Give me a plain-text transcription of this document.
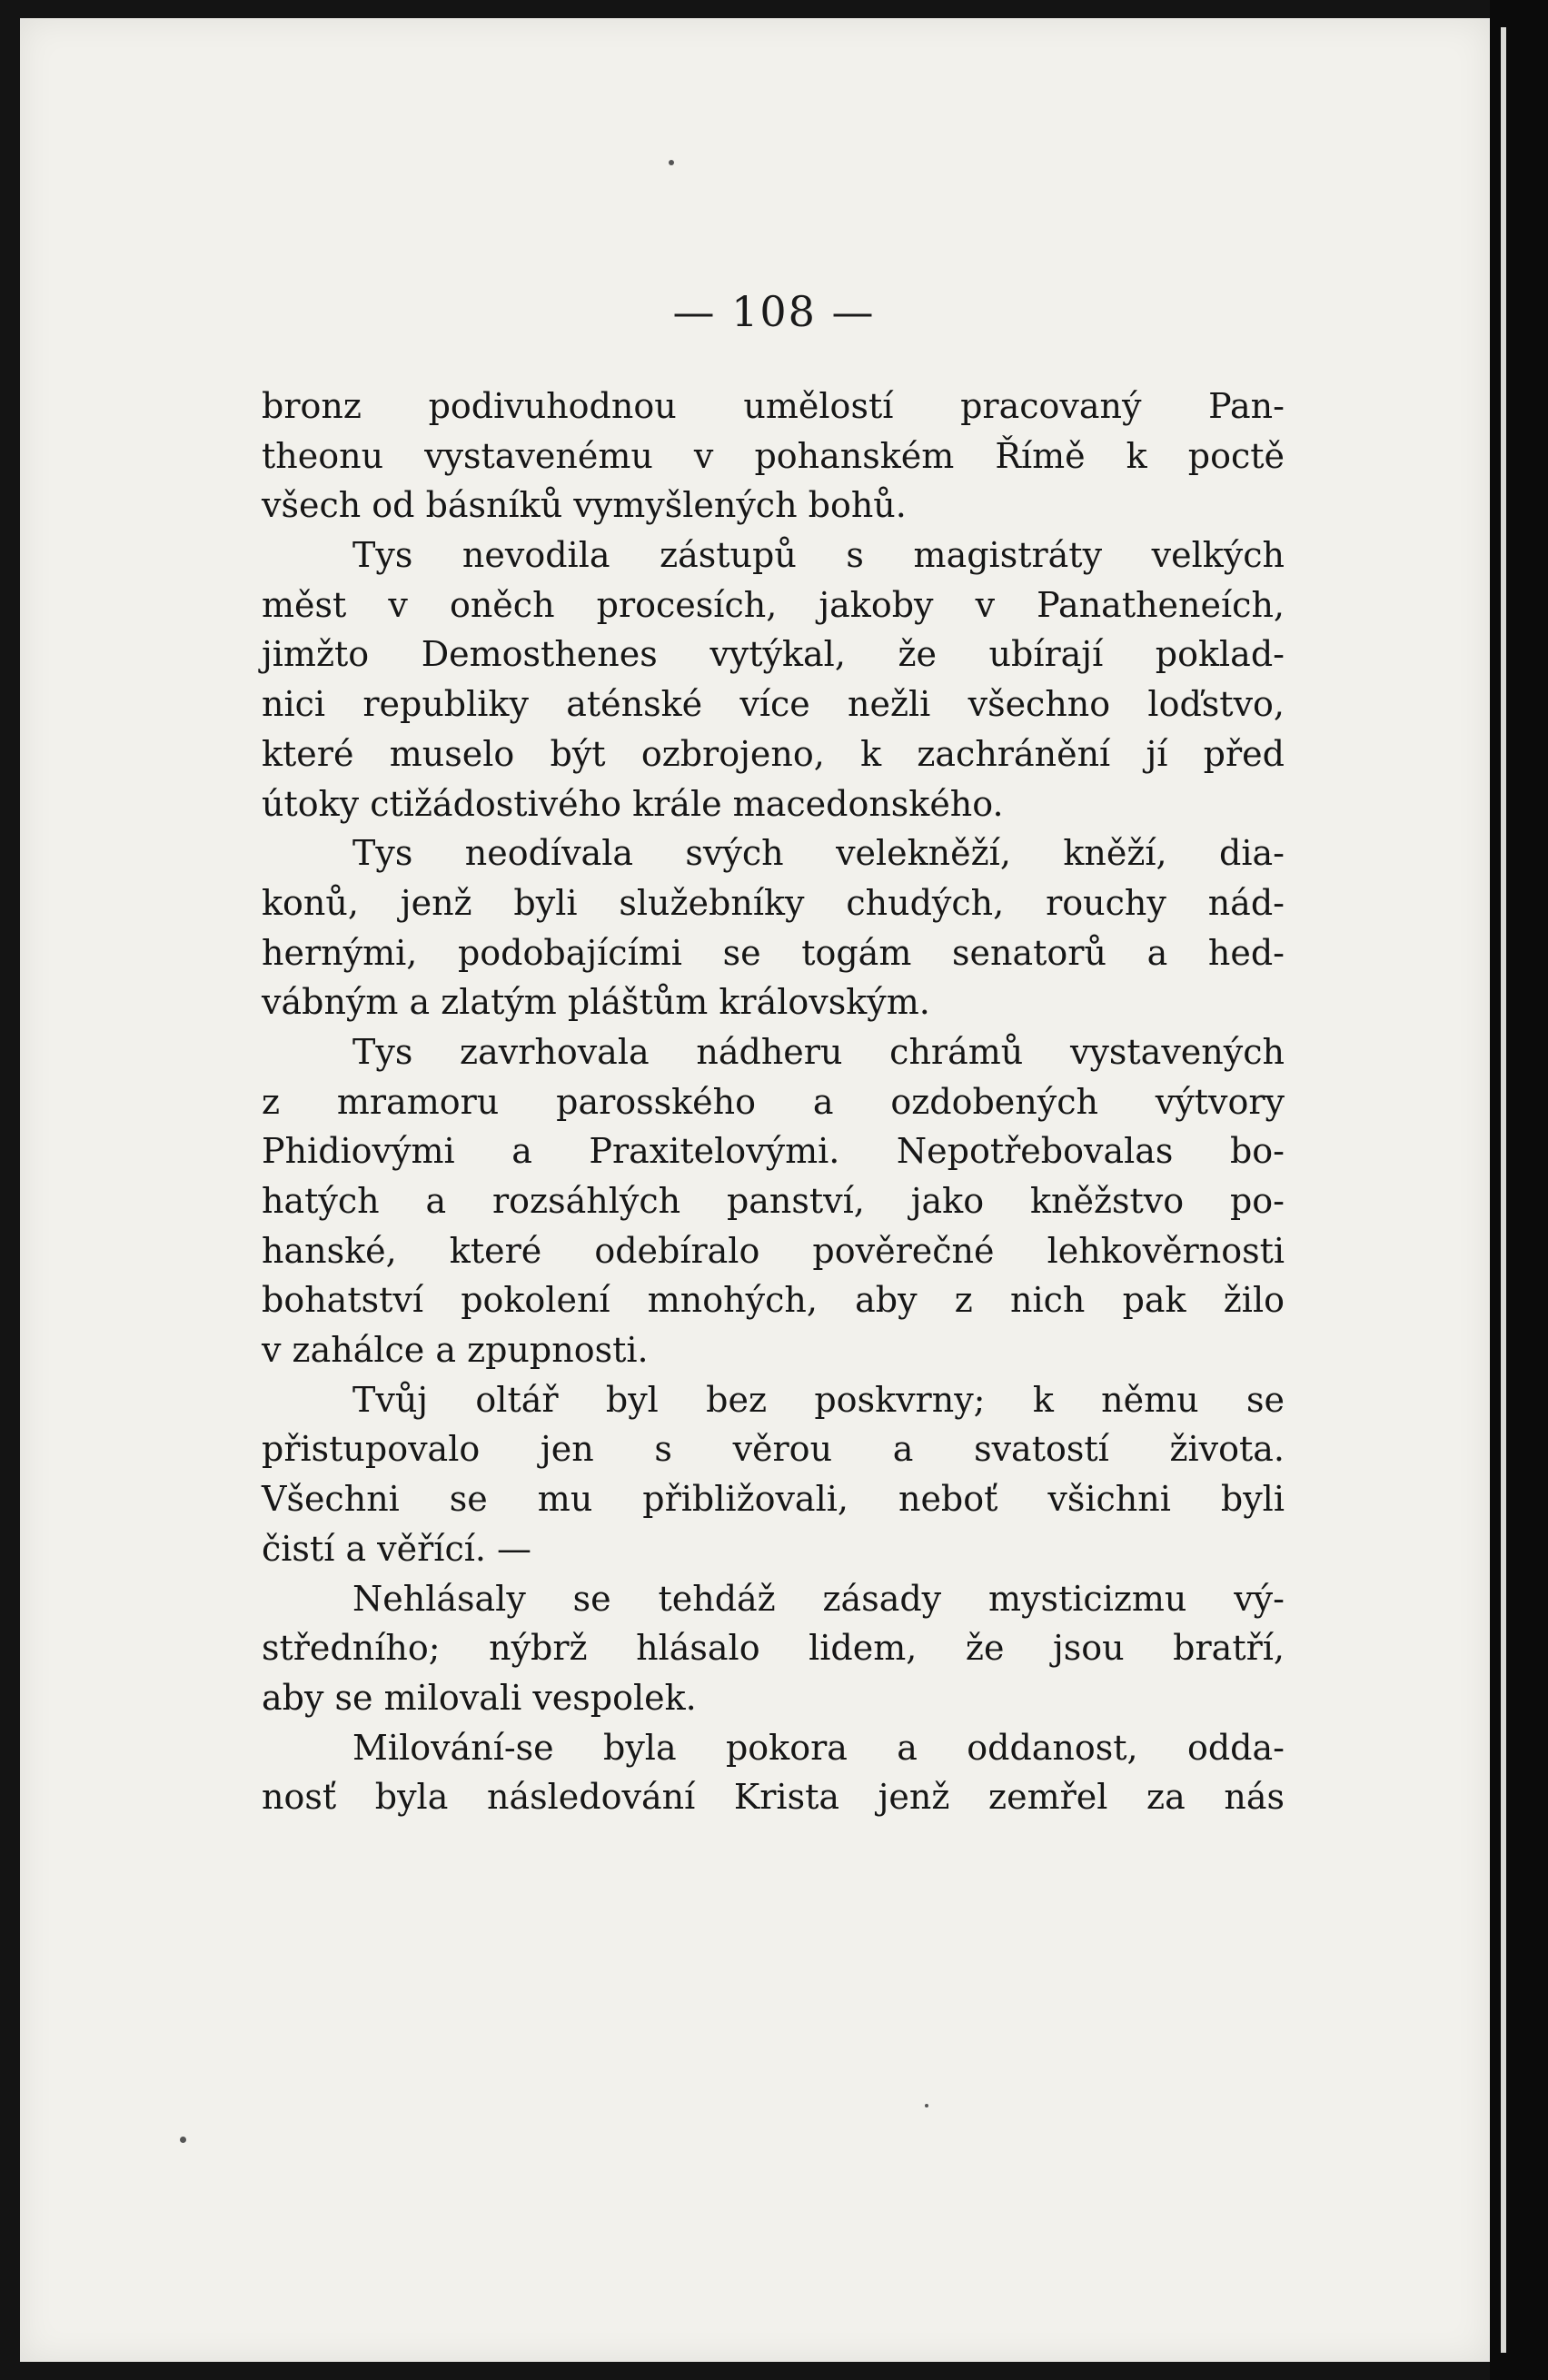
— 108 —
bronz podivuhodnou umělostí pracovaný Pan-
theonu vystavenému v pohanském Římě k poctě
všech od básníků vymyšlených bohů.
Tys nevodila zástupů s magistráty velkých
měst v oněch procesích, jakoby v Panatheneích,
jimžto Demosthenes vytýkal, že ubírají poklad-
nici republiky aténské více nežli všechno loďstvo,
které muselo být ozbrojeno, k zachránění jí před
útoky ctižádostivého krále macedonského.
Tys neodívala svých velekněží, kněží, dia-
konů, jenž byli služebníky chudých, rouchy nád-
hernými, podobajícími se togám senatorů a hed-
vábným a zlatým pláštům královským.
Tys zavrhovala nádheru chrámů vystavených
z mramoru parosského a ozdobených výtvory
Phidiovými a Praxitelovými. Nepotřebovalas bo-
hatých a rozsáhlých panství, jako kněžstvo po-
hanské, které odebíralo pověrečné lehkověrnosti
bohatství pokolení mnohých, aby z nich pak žilo
v zahálce a zpupnosti.
Tvůj oltář byl bez poskvrny; k němu se
přistupovalo jen s věrou a svatostí života.
Všechni se mu přibližovali, neboť všichni byli
čistí a věřící. —
Nehlásaly se tehdáž zásady mysticizmu vý-
středního; nýbrž hlásalo lidem, že jsou bratří,
aby se milovali vespolek.
Milování-se byla pokora a oddanost, odda-
nosť byla následování Krista jenž zemřel za nás
